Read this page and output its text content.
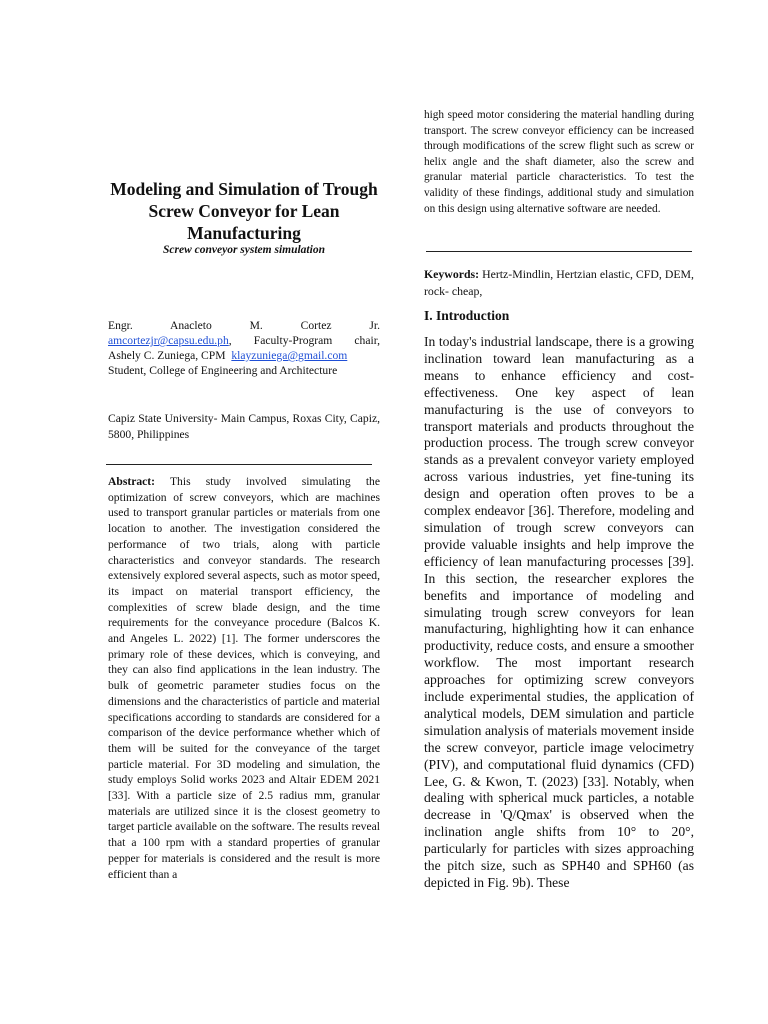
Modeling and Simulation of Trough Screw Conveyor for Lean Manufacturing
Screw conveyor system simulation
Engr. Anacleto M. Cortez Jr.
amcortezjr@capsu.edu.ph, Faculty-Program chair,
Ashely C. Zuniega, CPM klayzuniega@gmail.com
Student, College of Engineering and Architecture
Capiz State University- Main Campus, Roxas City, Capiz, 5800, Philippines
Abstract: This study involved simulating the optimization of screw conveyors, which are machines used to transport granular particles or materials from one location to another. The investigation considered the performance of two trials, along with particle characteristics and conveyor standards. The research extensively explored several aspects, such as motor speed, its impact on material transport efficiency, the complexities of screw blade design, and the time requirements for the conveyance procedure (Balcos K. and Angeles L. 2022) [1]. The former underscores the primary role of these devices, which is conveying, and they can also find applications in the lean industry. The bulk of geometric parameter studies focus on the dimensions and the characteristics of particle and material specifications according to standards are considered for a comparison of the device performance whether which of them will be suited for the conveyance of the target particle material. For 3D modeling and simulation, the study employs Solid works 2023 and Altair EDEM 2021 [33]. With a particle size of 2.5 radius mm, granular materials are utilized since it is the closest geometry to target particle available on the software. The results reveal that a 100 rpm with a standard properties of granular pepper for materials is considered and the result is more efficient than a
high speed motor considering the material handling during transport. The screw conveyor efficiency can be increased through modifications of the screw flight such as screw or helix angle and the shaft diameter, also the screw and granular material particle characteristics. To test the validity of these findings, additional study and simulation on this design using alternative software are needed.
Keywords: Hertz-Mindlin, Hertzian elastic, CFD, DEM, rock- cheap,
I. Introduction
In today's industrial landscape, there is a growing inclination toward lean manufacturing as a means to enhance efficiency and cost-effectiveness. One key aspect of lean manufacturing is the use of conveyors to transport materials and products throughout the production process. The trough screw conveyor stands as a prevalent conveyor variety employed across various industries, yet fine-tuning its design and operation often proves to be a complex endeavor [36]. Therefore, modeling and simulation of trough screw conveyors can provide valuable insights and help improve the efficiency of lean manufacturing processes [39]. In this section, the researcher explores the benefits and importance of modeling and simulating trough screw conveyors for lean manufacturing, highlighting how it can enhance productivity, reduce costs, and ensure a smoother workflow. The most important research approaches for optimizing screw conveyors include experimental studies, the application of analytical models, DEM simulation and particle simulation analysis of materials movement inside the screw conveyor, particle image velocimetry (PIV), and computational fluid dynamics (CFD) Lee, G. & Kwon, T. (2023) [33]. Notably, when dealing with spherical muck particles, a notable decrease in 'Q/Qmax' is observed when the inclination angle shifts from 10° to 20°, particularly for particles with sizes approaching the pitch size, such as SPH40 and SPH60 (as depicted in Fig. 9b). These
